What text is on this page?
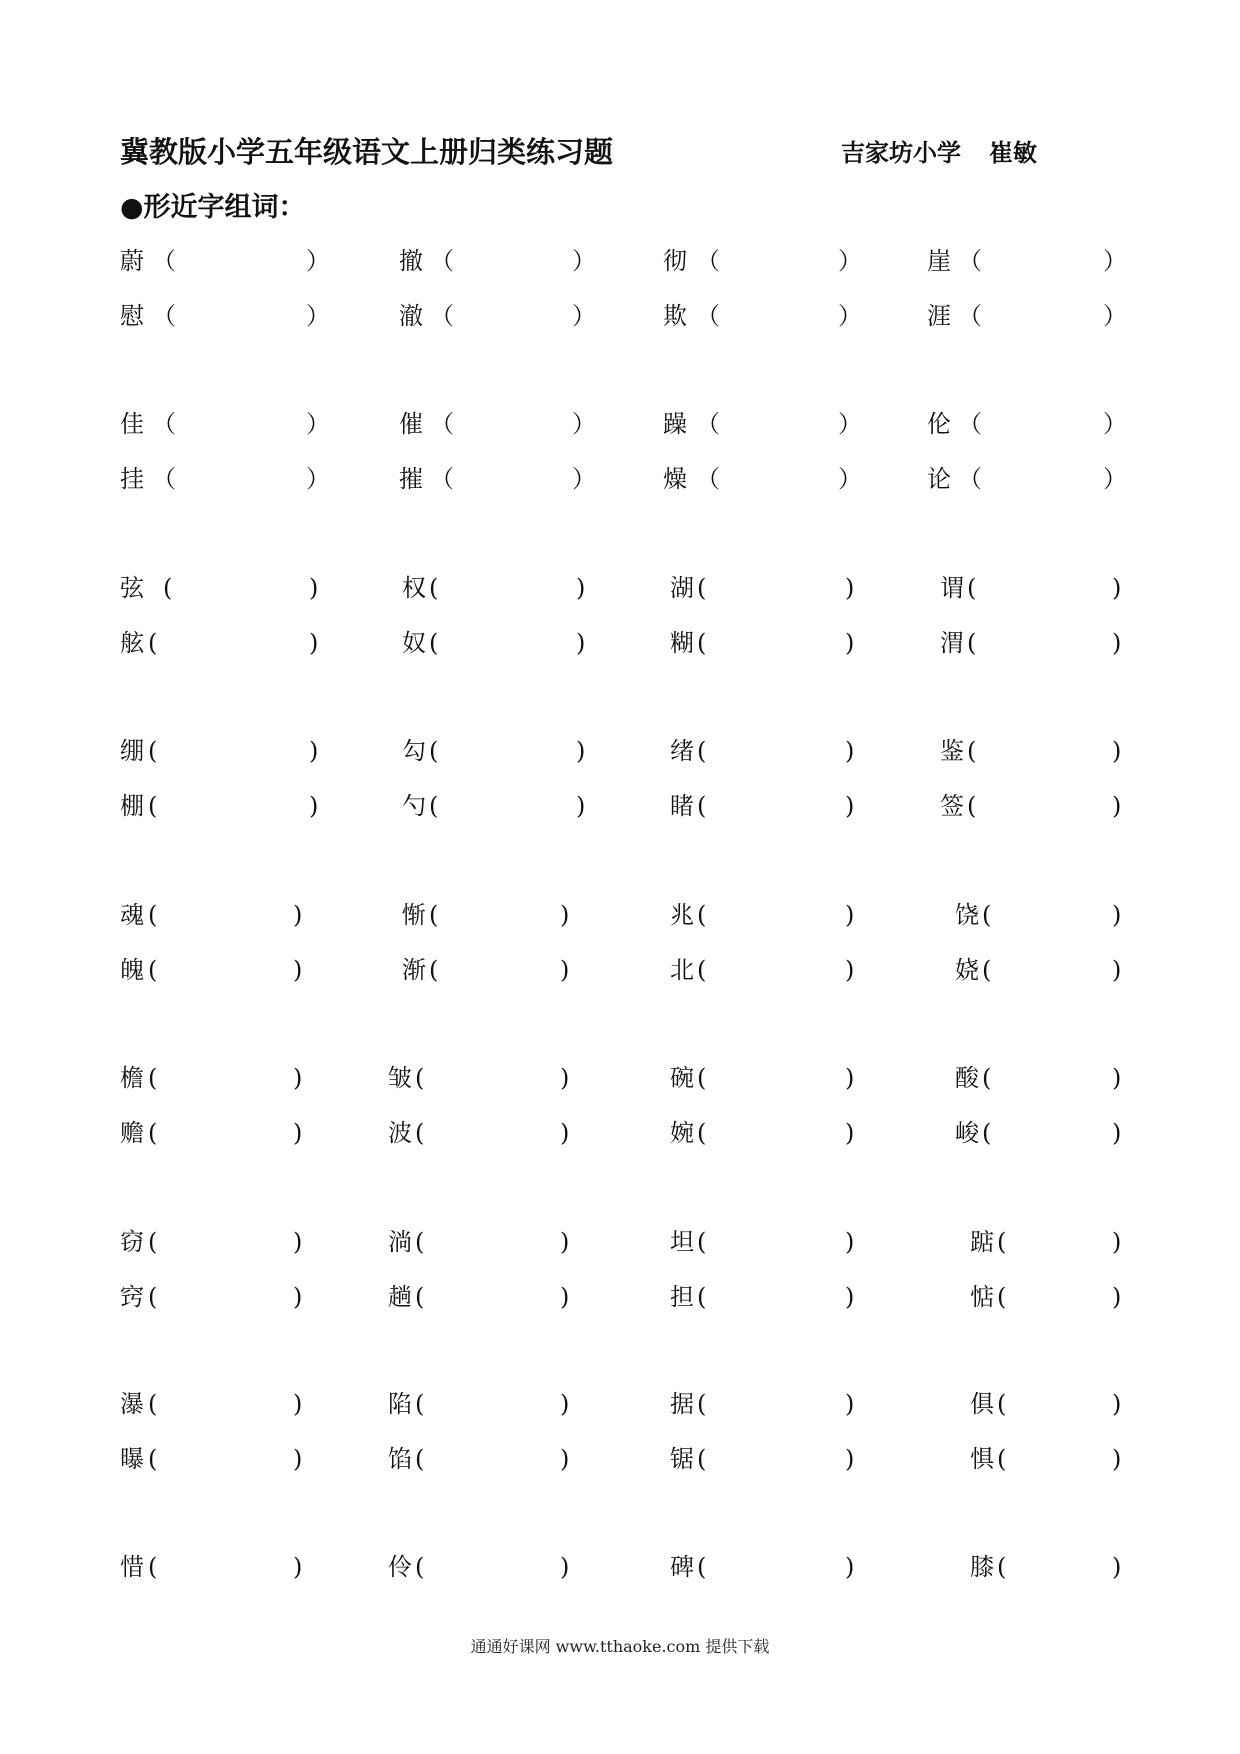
冀教版小学五年级语文上册归类练习题	吉家坊小学 崔敏
●形近字组词：
蔚 （	）	撤 （	）	彻 （	）	崖 （	）
慰 （	）	澈 （	）	欺 （	）	涯 （	）
佳 （	）	催 （	）	躁 （	）	伦 （	）
挂 （	）	摧 （	）	燥 （	）	论 （	）
弦 (	)	权 (	)	湖 (	)	谓 (	)
舷 (	)	奴 (	)	糊 (	)	渭 (	)
绷 (	)	勾 (	)	绪 (	)	鉴 (	)
棚 (	)	勺 (	)	睹 (	)	签 (	)
魂 (	)	惭 (	)	兆 (	)	饶 (	)
魄 (	)	渐 (	)	北 (	)	娆 (	)
檐 (	)	皱 (	)	碗 (	)	酸 (	)
赡 (	)	波 (	)	婉 (	)	峻 (	)
窃 (	)	淌 (	)	坦 (	)	踮 (	)
窍 (	)	趟 (	)	担 (	)	惦 (	)
瀑 (	)	陷 (	)	据 (	)	俱 (	)
曝 (	)	馅 (	)	锯 (	)	惧 (	)
惜 (	)	伶 (	)	碑 (	)	膝 (	)
通通好课网 www.tthaoke.com 提供下载
